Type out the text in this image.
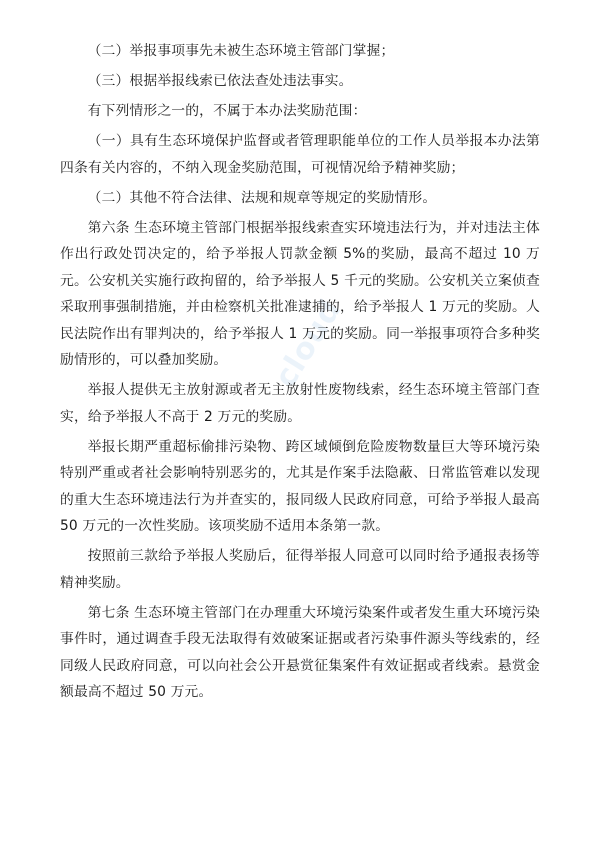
cloud

（二）举报事项事先未被生态环境主管部门掌握；

（三）根据举报线索已依法查处违法事实。

有下列情形之一的，不属于本办法奖励范围：

（一）具有生态环境保护监督或者管理职能单位的工作人员举报本办法第四条有关内容的，不纳入现金奖励范围，可视情况给予精神奖励；

（二）其他不符合法律、法规和规章等规定的奖励情形。

第六条 生态环境主管部门根据举报线索查实环境违法行为，并对违法主体作出行政处罚决定的，给予举报人罚款金额 5%的奖励，最高不超过 10 万元。公安机关实施行政拘留的，给予举报人 5 千元的奖励。公安机关立案侦查采取刑事强制措施，并由检察机关批准逮捕的，给予举报人 1 万元的奖励。人民法院作出有罪判决的，给予举报人 1 万元的奖励。同一举报事项符合多种奖励情形的，可以叠加奖励。

举报人提供无主放射源或者无主放射性废物线索，经生态环境主管部门查实，给予举报人不高于 2 万元的奖励。

举报长期严重超标偷排污染物、跨区域倾倒危险废物数量巨大等环境污染特别严重或者社会影响特别恶劣的，尤其是作案手法隐蔽、日常监管难以发现的重大生态环境违法行为并查实的，报同级人民政府同意，可给予举报人最高 50 万元的一次性奖励。该项奖励不适用本条第一款。

按照前三款给予举报人奖励后，征得举报人同意可以同时给予通报表扬等精神奖励。

第七条 生态环境主管部门在办理重大环境污染案件或者发生重大环境污染事件时，通过调查手段无法取得有效破案证据或者污染事件源头等线索的，经同级人民政府同意，可以向社会公开悬赏征集案件有效证据或者线索。悬赏金额最高不超过 50 万元。
